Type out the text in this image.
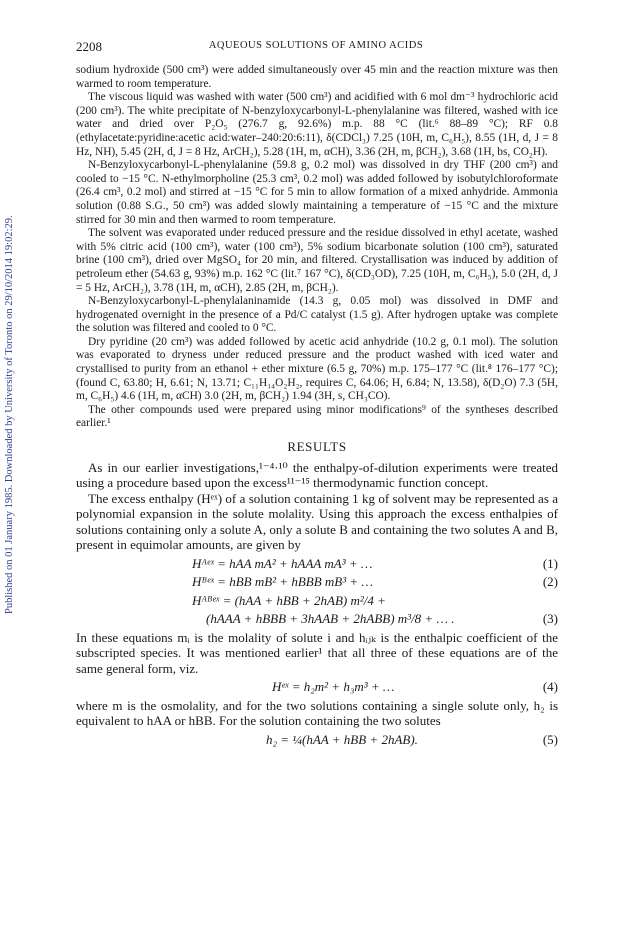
Published on 01 January 1985. Downloaded by University of Toronto on 29/10/2014 19:02:29.
2208	AQUEOUS SOLUTIONS OF AMINO ACIDS

sodium hydroxide (500 cm³) were added simultaneously over 45 min and the reaction mixture was then warmed to room temperature.

The viscous liquid was washed with water (500 cm³) and acidified with 6 mol dm⁻³ hydrochloric acid (200 cm³). The white precipitate of N-benzyloxycarbonyl-L-phenylalanine was filtered, washed with ice water and dried over P₂O₅ (276.7 g, 92.6%) m.p. 88 °C (lit.⁶ 88–89 °C); RF 0.8 (ethylacetate:pyridine:acetic acid:water–240:20:6:11), δ(CDCl₃) 7.25 (10H, m, C₆H₅), 8.55 (1H, d, J = 8 Hz, NH), 5.45 (2H, d, J = 8 Hz, ArCH₂), 5.28 (1H, m, αCH), 3.36 (2H, m, βCH₂), 3.68 (1H, bs, CO₂H).

N-Benzyloxycarbonyl-L-phenylalanine (59.8 g, 0.2 mol) was dissolved in dry THF (200 cm³) and cooled to −15 °C. N-ethylmorpholine (25.3 cm³, 0.2 mol) was added followed by isobutylchloroformate (26.4 cm³, 0.2 mol) and stirred at −15 °C for 5 min to allow formation of a mixed anhydride. Ammonia solution (0.88 S.G., 50 cm³) was added slowly maintaining a temperature of −15 °C and the mixture stirred for 30 min and then warmed to room temperature.

The solvent was evaporated under reduced pressure and the residue dissolved in ethyl acetate, washed with 5% citric acid (100 cm³), water (100 cm³), 5% sodium bicarbonate solution (100 cm³), saturated brine (100 cm³), dried over MgSO₄ for 20 min, and filtered. Crystallisation was induced by addition of petroleum ether (54.63 g, 93%) m.p. 162 °C (lit.⁷ 167 °C), δ(CD₃OD), 7.25 (10H, m, C₆H₅), 5.0 (2H, d, J = 5 Hz, ArCH₂), 3.78 (1H, m, αCH), 2.85 (2H, m, βCH₂).

N-Benzyloxycarbonyl-L-phenylalaninamide (14.3 g, 0.05 mol) was dissolved in DMF and hydrogenated overnight in the presence of a Pd/C catalyst (1.5 g). After hydrogen uptake was complete the solution was filtered and cooled to 0 °C.

Dry pyridine (20 cm³) was added followed by acetic acid anhydride (10.2 g, 0.1 mol). The solution was evaporated to dryness under reduced pressure and the product washed with iced water and crystallised to purity from an ethanol + ether mixture (6.5 g, 70%) m.p. 175–177 °C (lit.⁸ 176–177 °C); (found C, 63.80; H, 6.61; N, 13.71; C₁₁H₁₄O₂H₂, requires C, 64.06; H, 6.84; N, 13.58), δ(D₂O) 7.3 (5H, m, C₆H₅) 4.6 (1H, m, αCH) 3.0 (2H, m, βCH₂) 1.94 (3H, s, CH₃CO).

The other compounds used were prepared using minor modifications⁹ of the syntheses described earlier.¹

RESULTS

As in our earlier investigations,¹⁻⁴·¹⁰ the enthalpy-of-dilution experiments were treated using a procedure based upon the excess¹¹⁻¹⁵ thermodynamic function concept.

The excess enthalpy (Hᵉˣ) of a solution containing 1 kg of solvent may be represented as a polynomial expansion in the solute molality. Using this approach the excess enthalpies of solutions containing only a solute A, only a solute B and containing the two solutes A and B, present in equimolar amounts, are given by

Hᴬᵉˣ = hAA mA² + hAAA mA³ + …	(1)
Hᴮᵉˣ = hBB mB² + hBBB mB³ + …	(2)
Hᴬᴮᵉˣ = (hAA + hBB + 2hAB) m²/4 +
(hAAA + hBBB + 3hAAB + 2hABB) m³/8 + … .	(3)

In these equations mᵢ is the molality of solute i and hᵢⱼₖ is the enthalpic coefficient of the subscripted species. It was mentioned earlier¹ that all three of these equations are of the same general form, viz.

Hᵉˣ = h₂m² + h₃m³ + …	(4)

where m is the osmolality, and for the two solutions containing a single solute only, h₂ is equivalent to hAA or hBB. For the solution containing the two solutes

h₂ = ¼(hAA + hBB + 2hAB).	(5)
